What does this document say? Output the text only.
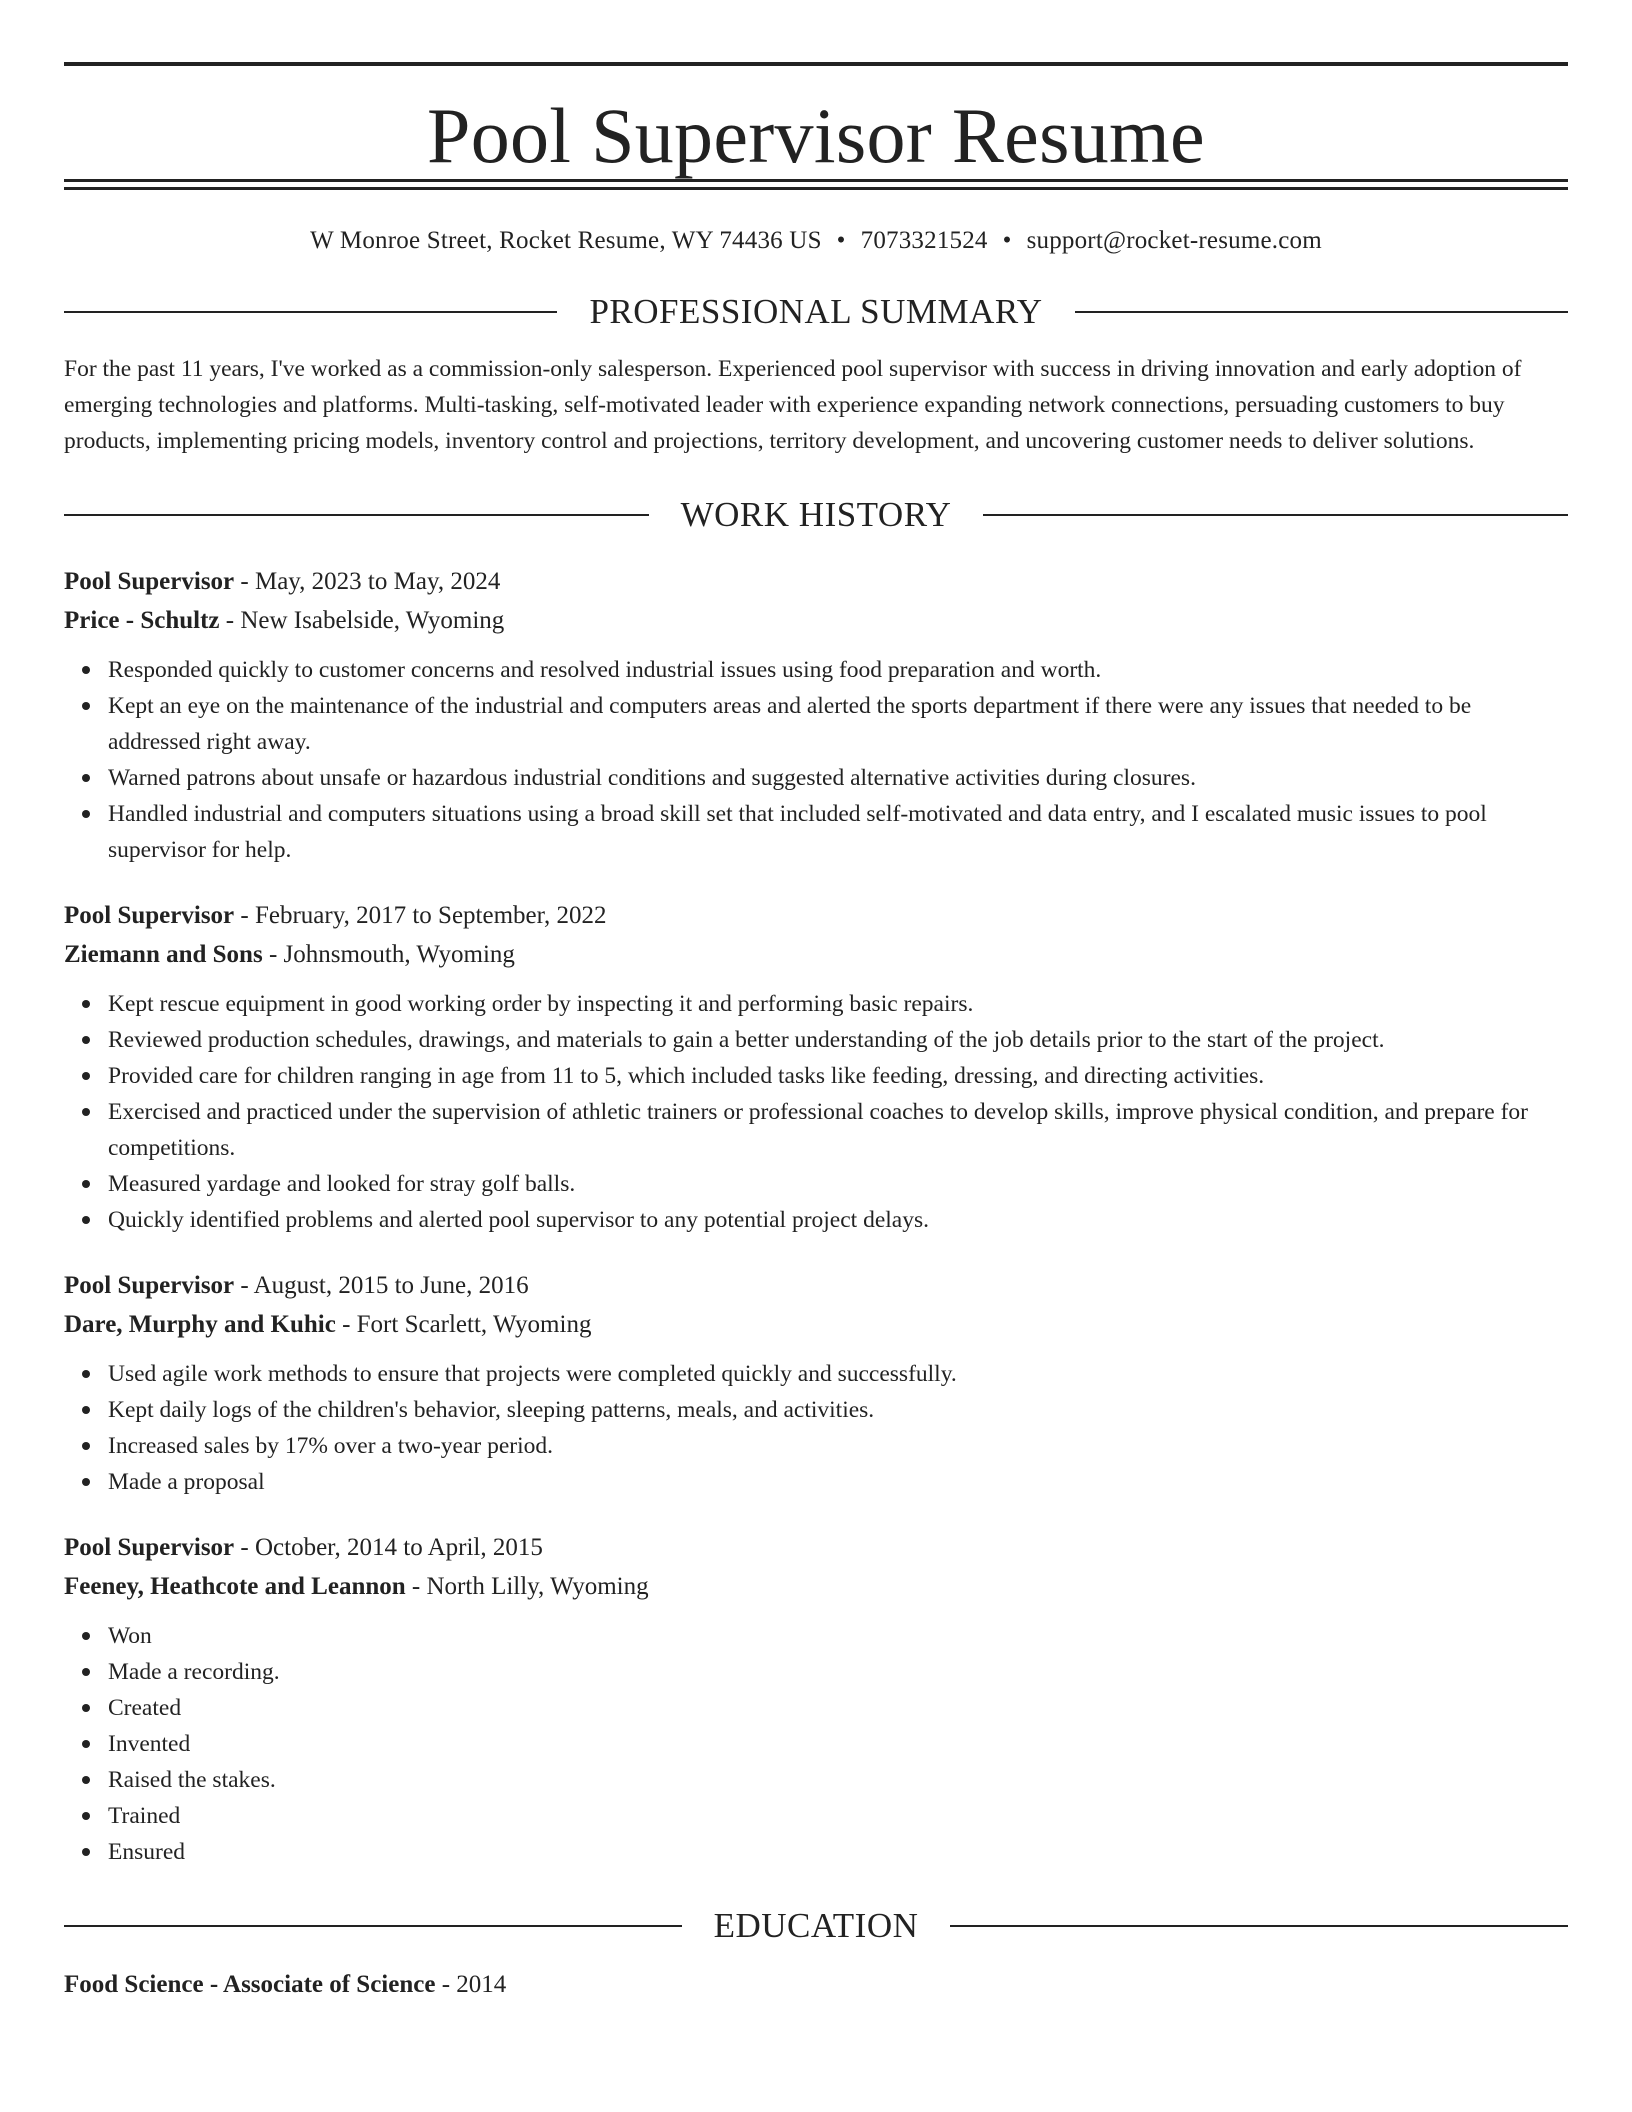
Pool Supervisor Resume
W Monroe Street, Rocket Resume, WY 74436 US • 7073321524 • support@rocket-resume.com
PROFESSIONAL SUMMARY
For the past 11 years, I've worked as a commission-only salesperson. Experienced pool supervisor with success in driving innovation and early adoption of emerging technologies and platforms. Multi-tasking, self-motivated leader with experience expanding network connections, persuading customers to buy products, implementing pricing models, inventory control and projections, territory development, and uncovering customer needs to deliver solutions.
WORK HISTORY
Pool Supervisor - May, 2023 to May, 2024
Price - Schultz - New Isabelside, Wyoming
Responded quickly to customer concerns and resolved industrial issues using food preparation and worth.
Kept an eye on the maintenance of the industrial and computers areas and alerted the sports department if there were any issues that needed to be addressed right away.
Warned patrons about unsafe or hazardous industrial conditions and suggested alternative activities during closures.
Handled industrial and computers situations using a broad skill set that included self-motivated and data entry, and I escalated music issues to pool supervisor for help.
Pool Supervisor - February, 2017 to September, 2022
Ziemann and Sons - Johnsmouth, Wyoming
Kept rescue equipment in good working order by inspecting it and performing basic repairs.
Reviewed production schedules, drawings, and materials to gain a better understanding of the job details prior to the start of the project.
Provided care for children ranging in age from 11 to 5, which included tasks like feeding, dressing, and directing activities.
Exercised and practiced under the supervision of athletic trainers or professional coaches to develop skills, improve physical condition, and prepare for competitions.
Measured yardage and looked for stray golf balls.
Quickly identified problems and alerted pool supervisor to any potential project delays.
Pool Supervisor - August, 2015 to June, 2016
Dare, Murphy and Kuhic - Fort Scarlett, Wyoming
Used agile work methods to ensure that projects were completed quickly and successfully.
Kept daily logs of the children's behavior, sleeping patterns, meals, and activities.
Increased sales by 17% over a two-year period.
Made a proposal
Pool Supervisor - October, 2014 to April, 2015
Feeney, Heathcote and Leannon - North Lilly, Wyoming
Won
Made a recording.
Created
Invented
Raised the stakes.
Trained
Ensured
EDUCATION
Food Science - Associate of Science - 2014
